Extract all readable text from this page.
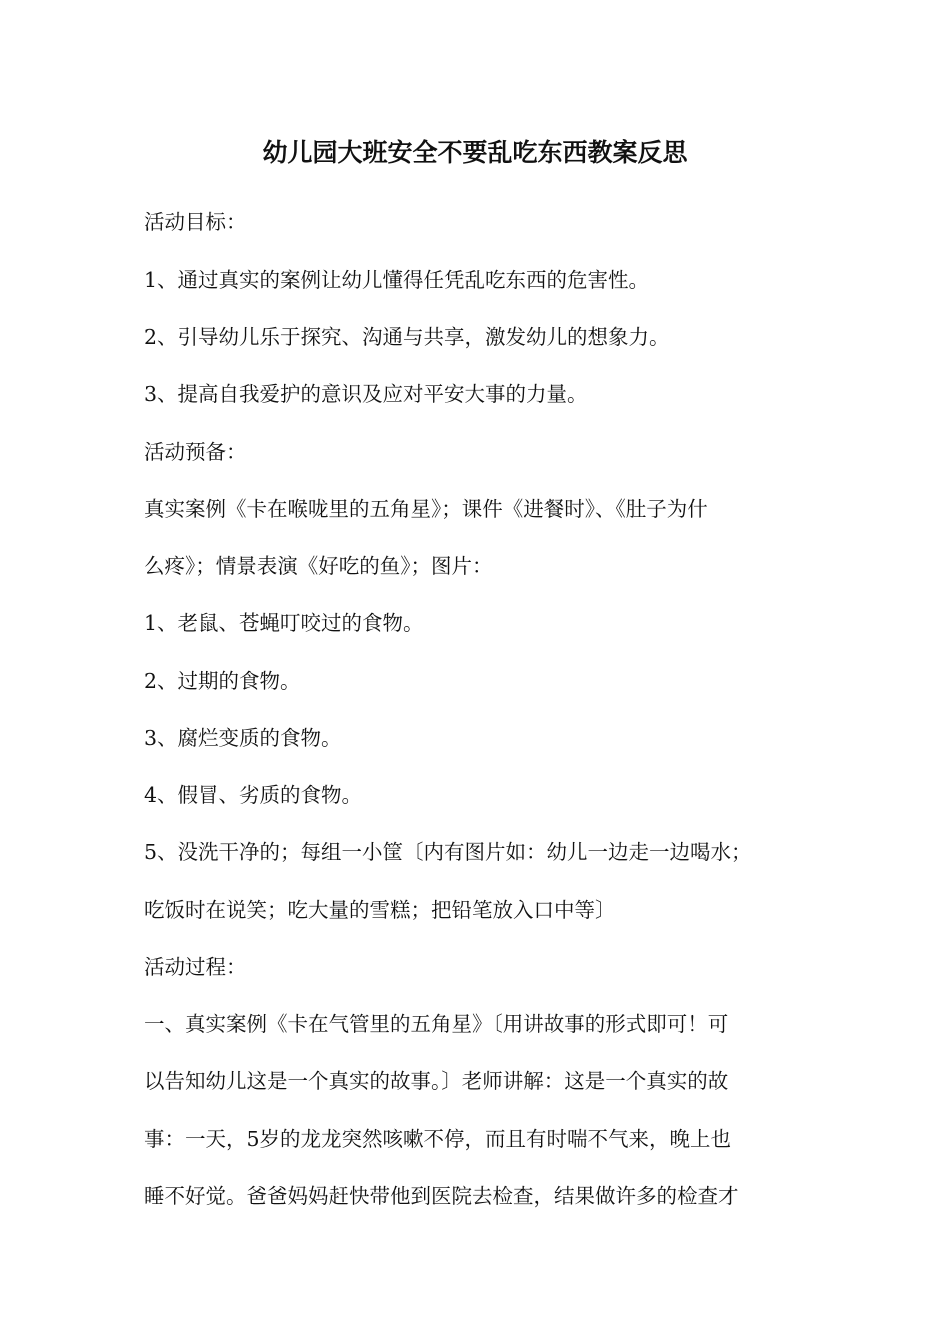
幼儿园大班安全不要乱吃东西教案反思
活动目标：
1、通过真实的案例让幼儿懂得任凭乱吃东西的危害性。
2、引导幼儿乐于探究、沟通与共享，激发幼儿的想象力。
3、提高自我爱护的意识及应对平安大事的力量。
活动预备：
真实案例《卡在喉咙里的五角星》；课件《进餐时》、《肚子为什
么疼》；情景表演《好吃的鱼》；图片：
1、老鼠、苍蝇叮咬过的食物。
2、过期的食物。
3、腐烂变质的食物。
4、假冒、劣质的食物。
5、没洗干净的；每组一小筐〔内有图片如：幼儿一边走一边喝水；
吃饭时在说笑；吃大量的雪糕；把铅笔放入口中等〕
活动过程：
一、真实案例《卡在气管里的五角星》〔用讲故事的形式即可！可
以告知幼儿这是一个真实的故事。〕老师讲解：这是一个真实的故
事：一天，5岁的龙龙突然咳嗽不停，而且有时喘不气来，晚上也
睡不好觉。爸爸妈妈赶快带他到医院去检查，结果做许多的检查才
